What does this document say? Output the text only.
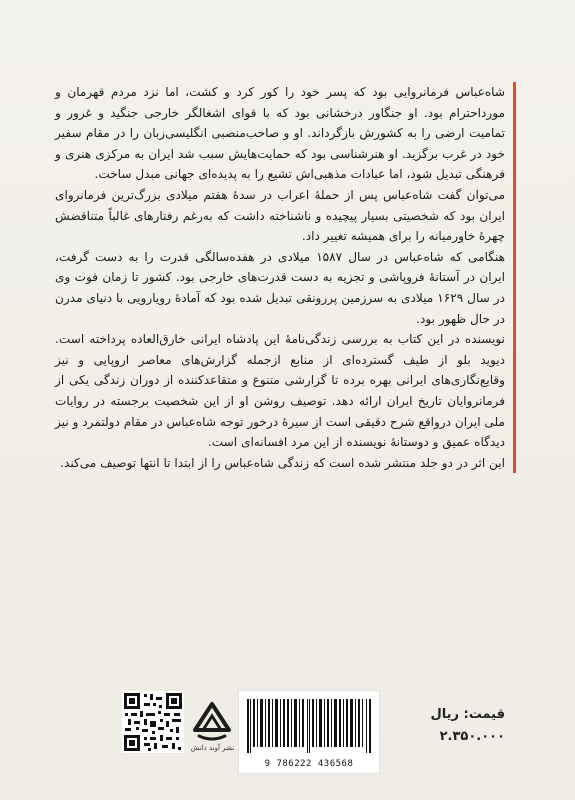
شاه‌عباس فرمانروایی بود که پسر خود را کور کرد و کشت، اما نزد مردم قهرمان و مورداحترام بود. او جنگاور درخشانی بود که با قوای اشغالگر خارجی جنگید و غرور و تمامیت ارضی را به کشورش بازگرداند. او و صاحب‌منصبی انگلیسی‌زبان را در مقام سفیر خود در غرب برگزید. او هنرشناسی بود که حمایت‌هایش سبب شد ایران به مرکزی هنری و فرهنگی تبدیل شود، اما عبادات مذهبی‌اش تشیع را به پدیده‌ای جهانی مبدل ساخت.

می‌توان گفت شاه‌عباس پس از حملهٔ اعراب در سدهٔ هفتم میلادی بزرگ‌ترین فرمانروای ایران بود که شخصیتی بسیار پیچیده و ناشناخته داشت که به‌رغم رفتارهای غالباً متناقضش چهرهٔ خاورمیانه را برای همیشه تغییر داد.

هنگامی که شاه‌عباس در سال ۱۵۸۷ میلادی در هفده‌سالگی قدرت را به دست گرفت، ایران در آستانهٔ فروپاشی و تجزیه به دست قدرت‌های خارجی بود. کشور تا زمان فوت وی در سال ۱۶۲۹ میلادی به سرزمین پررونقی تبدیل شده بود که آمادهٔ رویارویی با دنیای مدرن در حال ظهور بود.

نویسنده در این کتاب به بررسی زندگی‌نامهٔ این پادشاه ایرانی خارق‌العاده پرداخته است. دیوید بلو از طیف گسترده‌ای از منابع ازجمله گزارش‌های معاصر اروپایی و نیز وقایع‌نگاری‌های ایرانی بهره برده تا گزارشی متنوع و متقاعدکننده از دوران زندگی یکی از فرمانروایان تاریخ ایران ارائه دهد. توصیف روشن او از این شخصیت برجسته در روایات ملی ایران درواقع شرح دقیقی است از سیرهٔ درخور توجه شاه‌عباس در مقام دولتمرد و نیز دیدگاه عمیق و دوستانهٔ نویسنده از این مرد افسانه‌ای است.

این اثر در دو جلد منتشر شده است که زندگی شاه‌عباس را از ابتدا تا انتها توصیف می‌کند.

قیمت: ریال
۲.۳۵۰.۰۰۰
9 786222 436568
نشر آوند دانش
